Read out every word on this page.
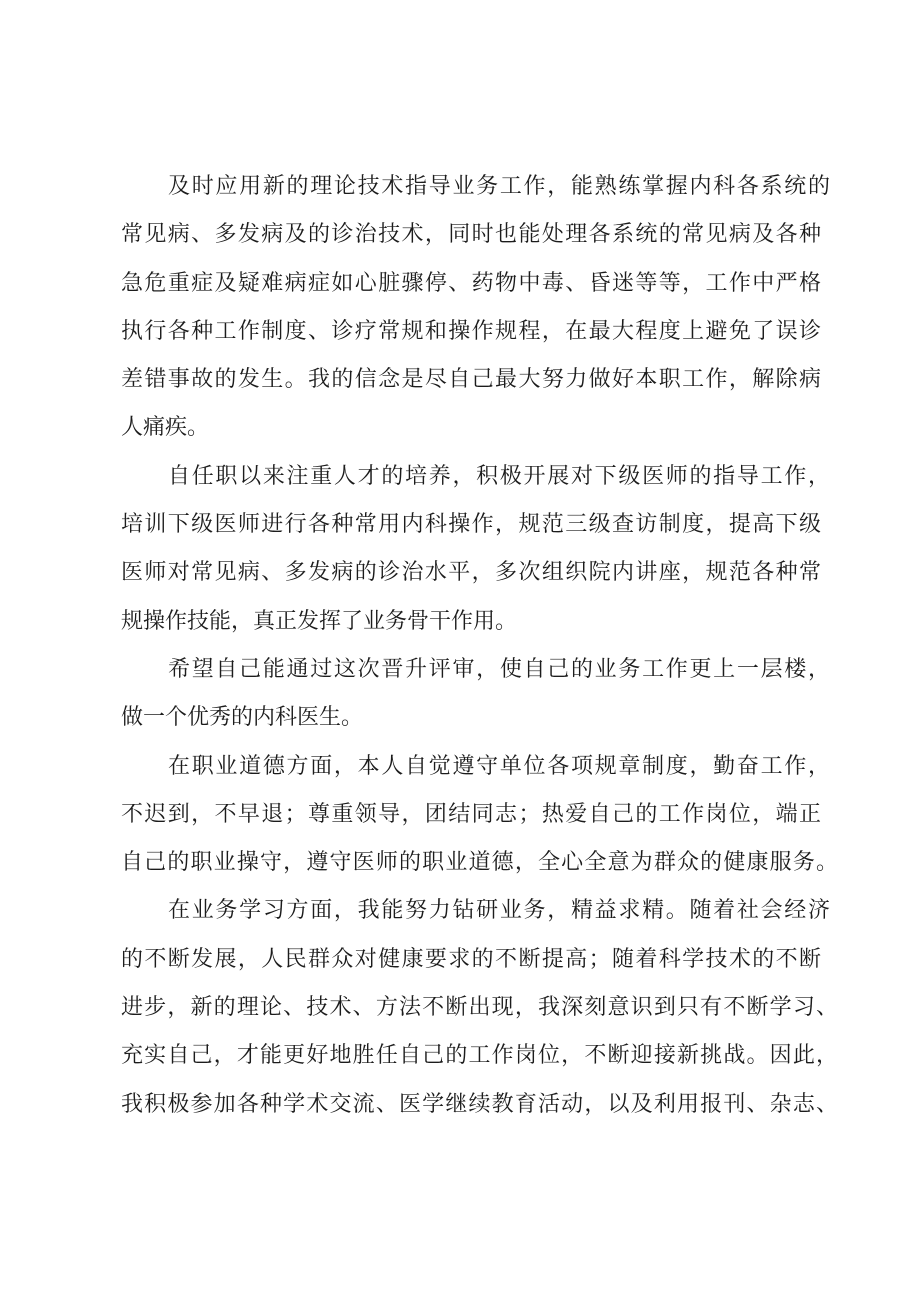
及时应用新的理论技术指导业务工作，能熟练掌握内科各系统的
常见病、多发病及的诊治技术，同时也能处理各系统的常见病及各种
急危重症及疑难病症如心脏骤停、药物中毒、昏迷等等，工作中严格
执行各种工作制度、诊疗常规和操作规程，在最大程度上避免了误诊
差错事故的发生。我的信念是尽自己最大努力做好本职工作，解除病
人痛疾。
自任职以来注重人才的培养，积极开展对下级医师的指导工作，
培训下级医师进行各种常用内科操作，规范三级查访制度，提高下级
医师对常见病、多发病的诊治水平，多次组织院内讲座，规范各种常
规操作技能，真正发挥了业务骨干作用。
希望自己能通过这次晋升评审，使自己的业务工作更上一层楼，
做一个优秀的内科医生。
在职业道德方面，本人自觉遵守单位各项规章制度，勤奋工作，
不迟到，不早退；尊重领导，团结同志；热爱自己的工作岗位，端正
自己的职业操守，遵守医师的职业道德，全心全意为群众的健康服务。
在业务学习方面，我能努力钻研业务，精益求精。随着社会经济
的不断发展，人民群众对健康要求的不断提高；随着科学技术的不断
进步，新的理论、技术、方法不断出现，我深刻意识到只有不断学习、
充实自己，才能更好地胜任自己的工作岗位，不断迎接新挑战。因此，
我积极参加各种学术交流、医学继续教育活动，以及利用报刊、杂志、
